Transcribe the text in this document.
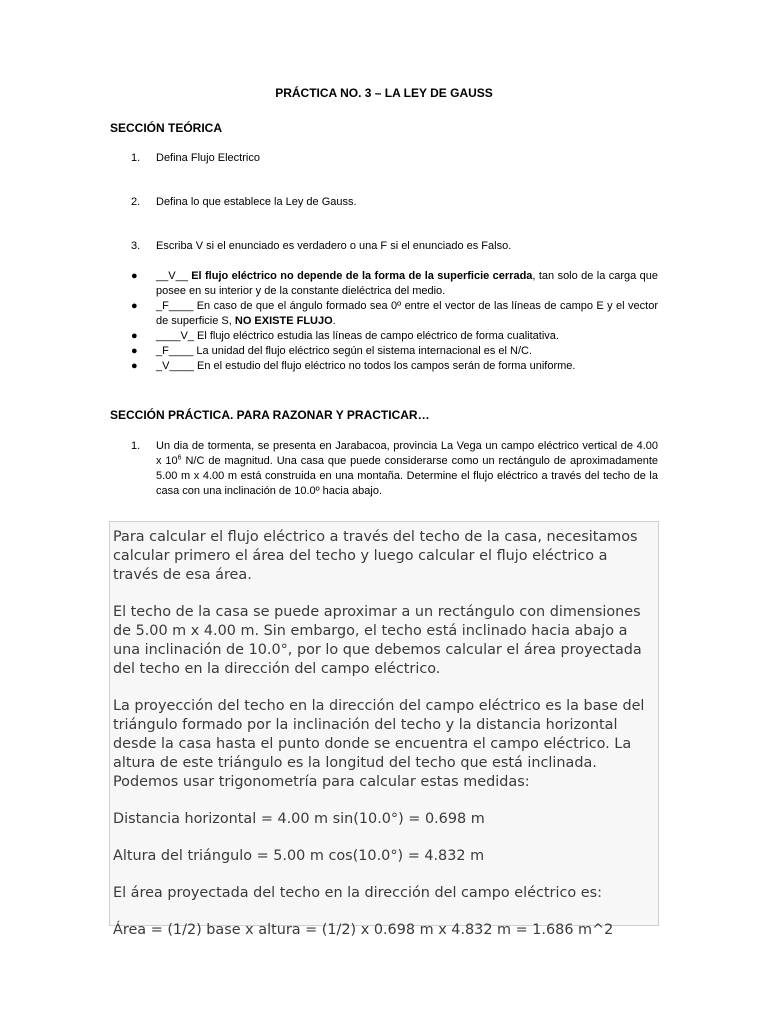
PRÁCTICA NO. 3 – LA LEY DE GAUSS
SECCIÓN TEÓRICA
1. Defina Flujo Electrico
2. Defina lo que establece la Ley de Gauss.
3. Escriba V si el enunciado es verdadero o una F si el enunciado es Falso.
● __V__ El flujo eléctrico no depende de la forma de la superficie cerrada, tan solo de la carga que posee en su interior y de la constante dieléctrica del medio.
● _F____ En caso de que el ángulo formado sea 0º entre el vector de las líneas de campo E y el vector de superficie S, NO EXISTE FLUJO.
● ____V_ El flujo eléctrico estudia las líneas de campo eléctrico de forma cualitativa.
● _F____ La unidad del flujo eléctrico según el sistema internacional es el N/C.
● _V____ En el estudio del flujo eléctrico no todos los campos serán de forma uniforme.
SECCIÓN PRÁCTICA. PARA RAZONAR Y PRACTICAR…
1. Un dia de tormenta, se presenta en Jarabacoa, provincia La Vega un campo eléctrico vertical de 4.00 x $10^6$ N/C de magnitud. Una casa que puede considerarse como un rectángulo de aproximadamente 5.00 m x 4.00 m está construida en una montaña. Determine el flujo eléctrico a través del techo de la casa con una inclinación de 10.0º hacia abajo.

Para calcular el flujo eléctrico a través del techo de la casa, necesitamos calcular primero el área del techo y luego calcular el flujo eléctrico a través de esa área.

El techo de la casa se puede aproximar a un rectángulo con dimensiones de 5.00 m x 4.00 m. Sin embargo, el techo está inclinado hacia abajo a una inclinación de 10.0°, por lo que debemos calcular el área proyectada del techo en la dirección del campo eléctrico.

La proyección del techo en la dirección del campo eléctrico es la base del triángulo formado por la inclinación del techo y la distancia horizontal desde la casa hasta el punto donde se encuentra el campo eléctrico. La altura de este triángulo es la longitud del techo que está inclinada. Podemos usar trigonometría para calcular estas medidas:

Distancia horizontal = 4.00 m sin(10.0°) = 0.698 m

Altura del triángulo = 5.00 m cos(10.0°) = 4.832 m

El área proyectada del techo en la dirección del campo eléctrico es:

Área = (1/2) base x altura = (1/2) x 0.698 m x 4.832 m = 1.686 m^2
